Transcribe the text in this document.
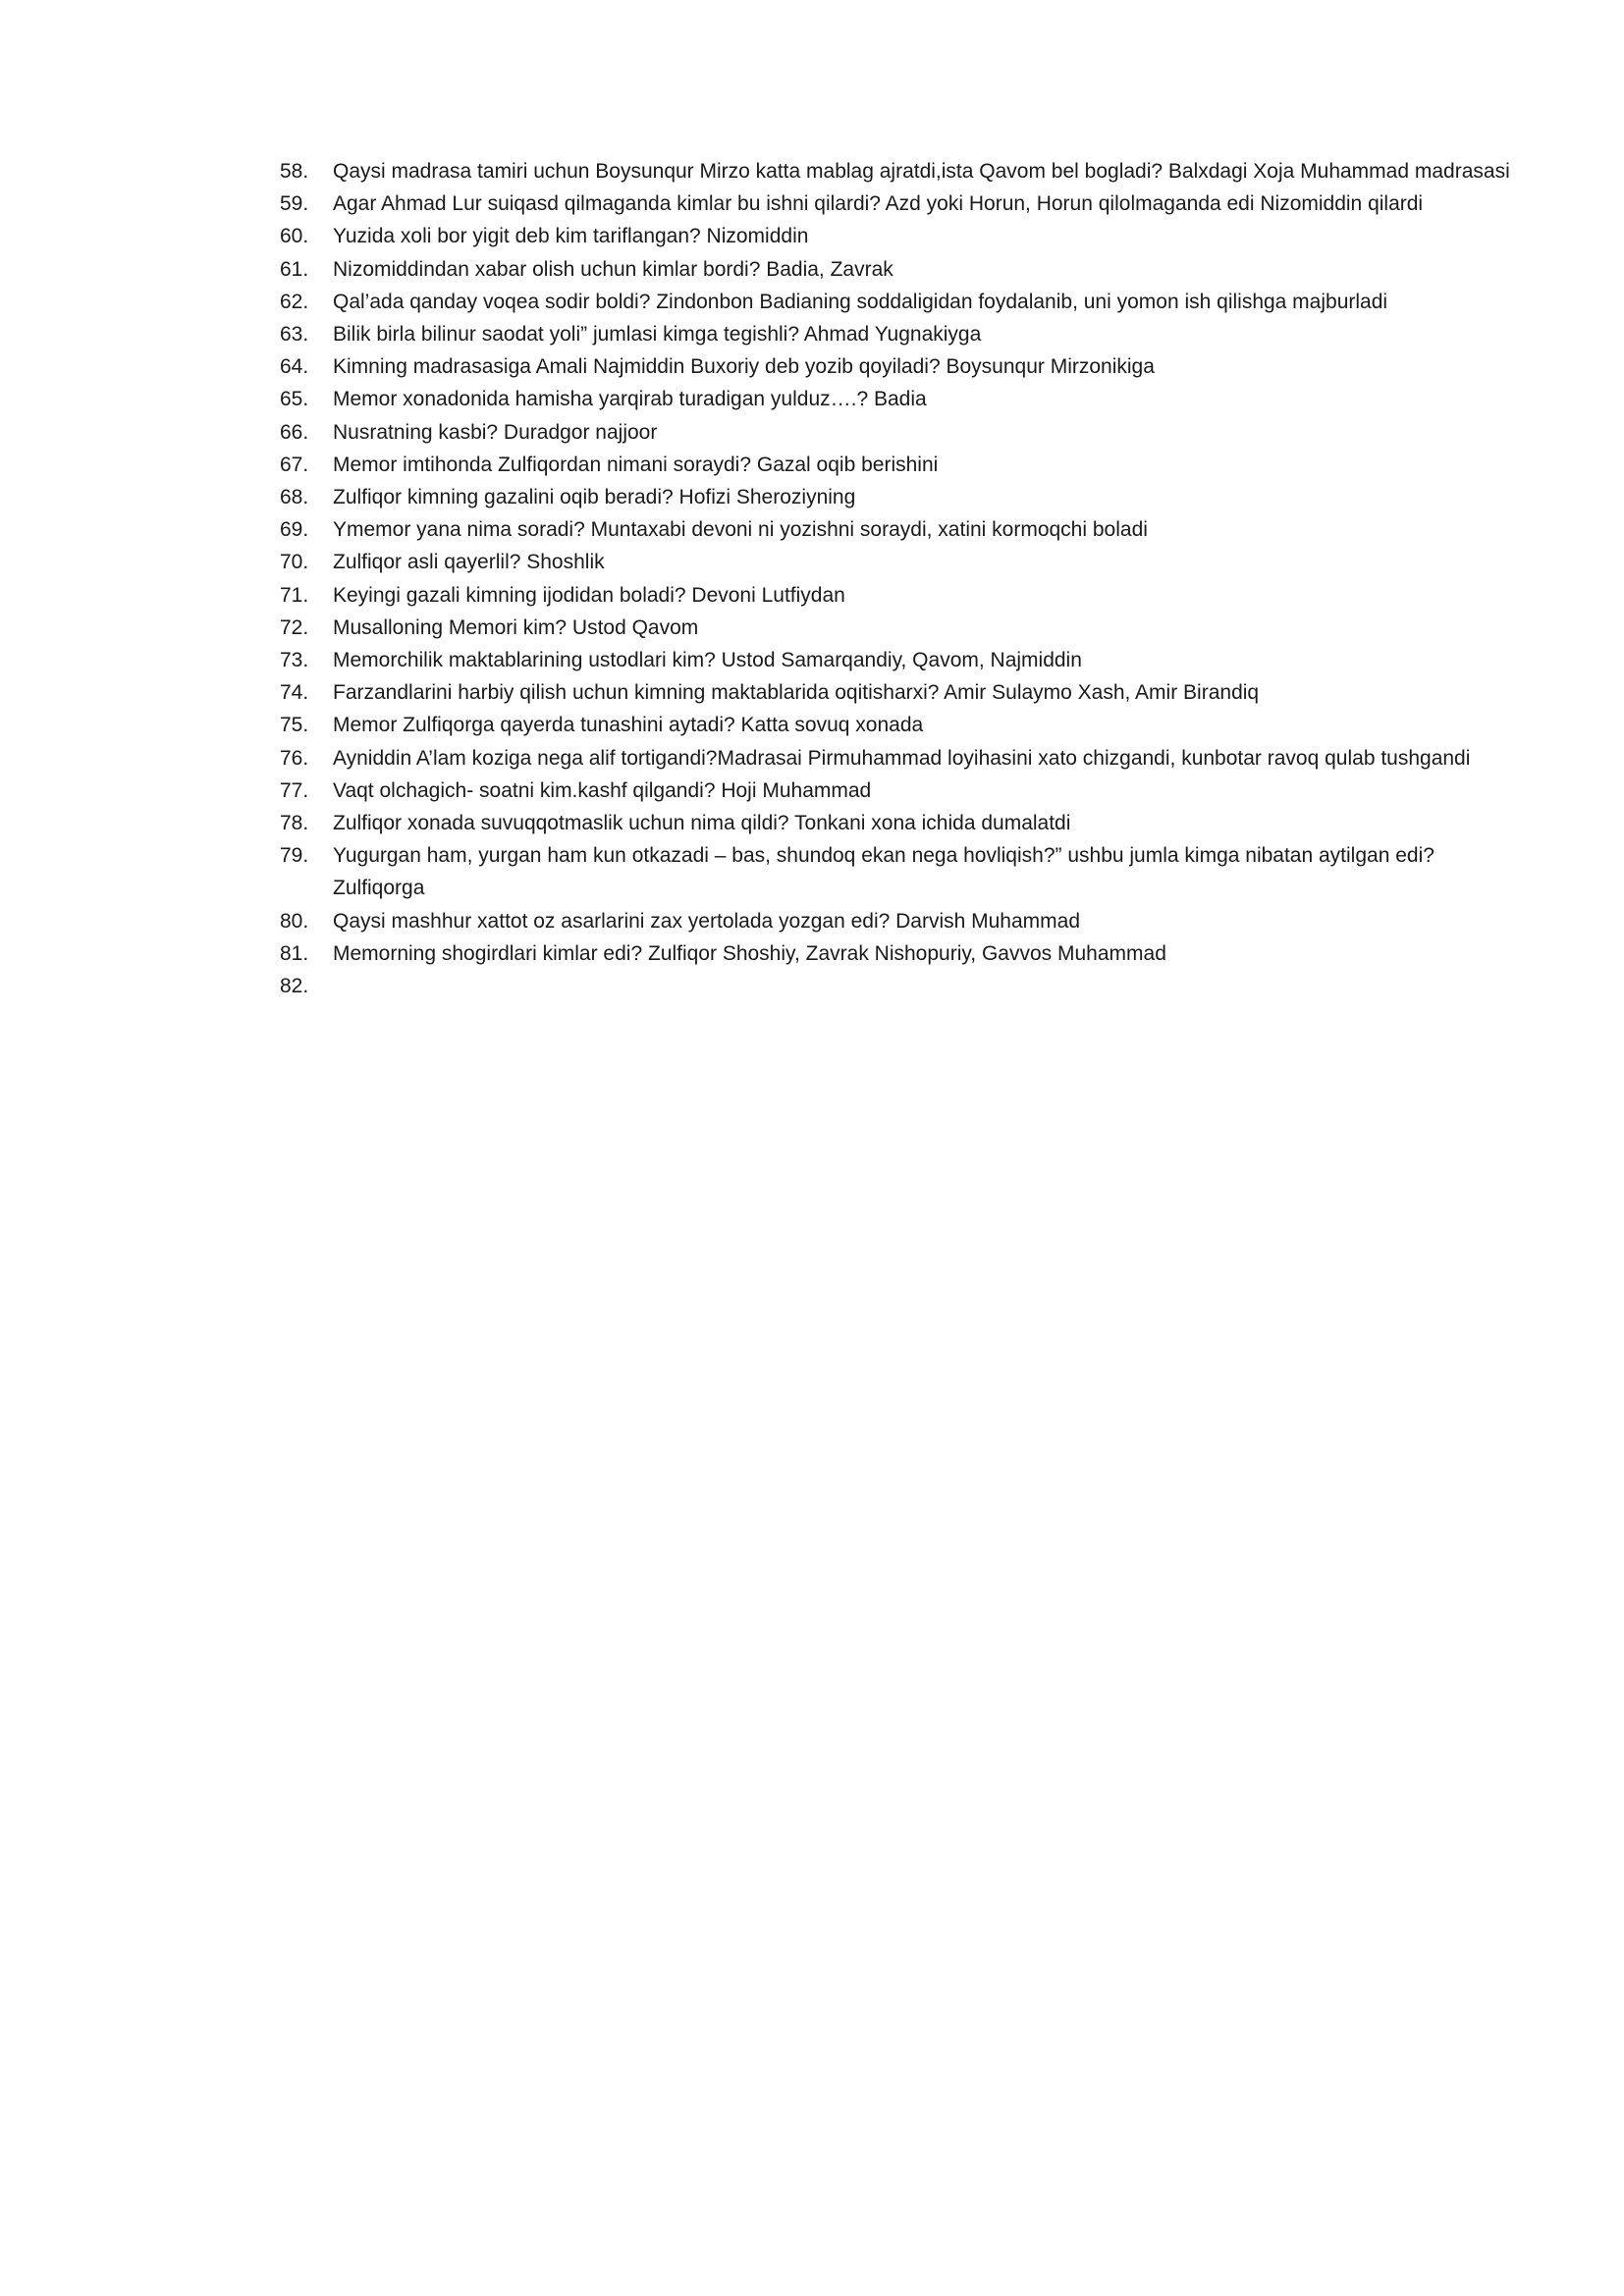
58.	Qaysi madrasa tamiri uchun Boysunqur Mirzo katta mablag ajratdi,ista Qavom bel bogladi? Balxdagi Xoja Muhammad madrasasi
59.	Agar Ahmad Lur suiqasd qilmaganda kimlar bu ishni qilardi? Azd yoki Horun, Horun qilolmaganda edi Nizomiddin qilardi
60.	Yuzida xoli bor yigit deb kim tariflangan? Nizomiddin
61.	Nizomiddindan xabar olish uchun kimlar bordi? Badia, Zavrak
62.	Qal’ada qanday voqea sodir boldi? Zindonbon Badianing soddaligidan foydalanib, uni yomon ish qilishga majburladi
63.	Bilik birla bilinur saodat yoli” jumlasi kimga tegishli? Ahmad Yugnakiyga
64.	Kimning madrasasiga Amali Najmiddin Buxoriy deb yozib qoyiladi? Boysunqur Mirzonikiga
65.	Memor xonadonida hamisha yarqirab turadigan yulduz….? Badia
66.	Nusratning kasbi? Duradgor najjoor
67.	Memor imtihonda Zulfiqordan nimani soraydi? Gazal oqib berishini
68.	Zulfiqor kimning gazalini oqib beradi? Hofizi Sheroziyning
69.	Ymemor yana nima soradi? Muntaxabi devoni ni yozishni soraydi, xatini kormoqchi boladi
70.	Zulfiqor asli qayerlil? Shoshlik
71.	Keyingi gazali kimning ijodidan boladi? Devoni Lutfiydan
72.	Musalloning Memori kim? Ustod Qavom
73.	Memorchilik maktablarining ustodlari kim? Ustod Samarqandiy, Qavom, Najmiddin
74.	Farzandlarini harbiy qilish uchun kimning maktablarida oqitisharxi? Amir Sulaymo Xash, Amir Birandiq
75.	Memor Zulfiqorga qayerda tunashini aytadi? Katta sovuq xonada
76.	Ayniddin A’lam koziga nega alif tortigandi?Madrasai Pirmuhammad loyihasini xato chizgandi, kunbotar ravoq qulab tushgandi
77.	Vaqt olchagich- soatni kim.kashf qilgandi? Hoji Muhammad
78.	Zulfiqor xonada suvuqqotmaslik uchun nima qildi? Tonkani xona ichida dumalatdi
79.	Yugurgan ham, yurgan ham kun otkazadi – bas, shundoq ekan nega hovliqish?” ushbu jumla kimga nibatan aytilgan edi? Zulfiqorga
80.	Qaysi mashhur xattot oz asarlarini zax yertolada yozgan edi? Darvish Muhammad
81.	Memorning shogirdlari kimlar edi? Zulfiqor Shoshiy, Zavrak Nishopuriy, Gavvos Muhammad
82.
